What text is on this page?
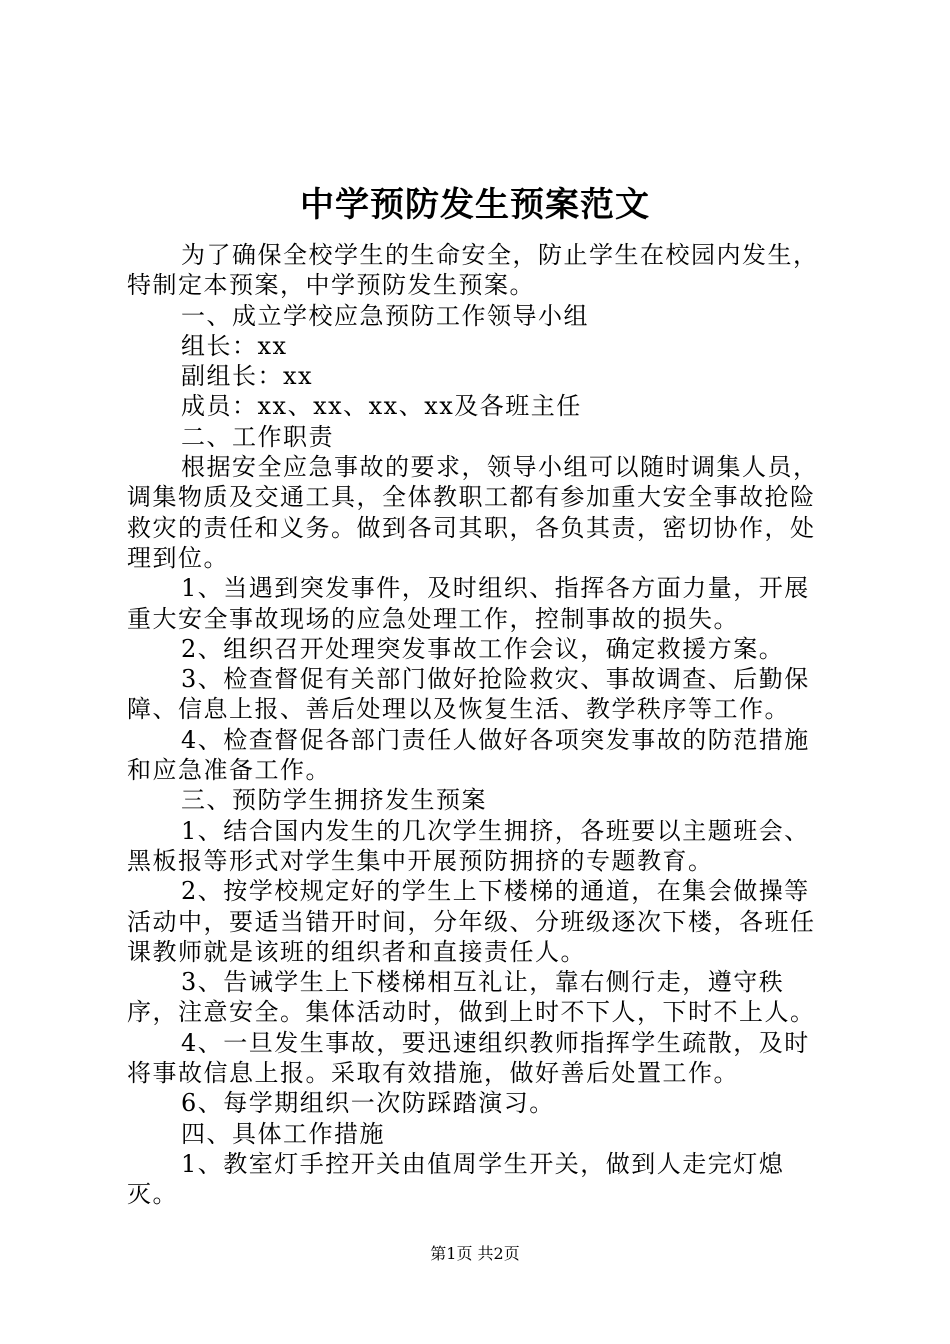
中学预防发生预案范文

为了确保全校学生的生命安全，防止学生在校园内发生，特制定本预案，中学预防发生预案。

一、成立学校应急预防工作领导小组

组长：xx

副组长：xx

成员：xx、xx、xx、xx及各班主任

二、工作职责

根据安全应急事故的要求，领导小组可以随时调集人员，调集物质及交通工具，全体教职工都有参加重大安全事故抢险救灾的责任和义务。做到各司其职，各负其责，密切协作，处理到位。

1、当遇到突发事件，及时组织、指挥各方面力量，开展重大安全事故现场的应急处理工作，控制事故的损失。

2、组织召开处理突发事故工作会议，确定救援方案。

3、检查督促有关部门做好抢险救灾、事故调查、后勤保障、信息上报、善后处理以及恢复生活、教学秩序等工作。

4、检查督促各部门责任人做好各项突发事故的防范措施和应急准备工作。

三、预防学生拥挤发生预案

1、结合国内发生的几次学生拥挤，各班要以主题班会、黑板报等形式对学生集中开展预防拥挤的专题教育。

2、按学校规定好的学生上下楼梯的通道，在集会做操等活动中，要适当错开时间，分年级、分班级逐次下楼，各班任课教师就是该班的组织者和直接责任人。

3、告诫学生上下楼梯相互礼让，靠右侧行走，遵守秩序，注意安全。集体活动时，做到上时不下人，下时不上人。

4、一旦发生事故，要迅速组织教师指挥学生疏散，及时将事故信息上报。采取有效措施，做好善后处置工作。

6、每学期组织一次防踩踏演习。

四、具体工作措施

1、教室灯手控开关由值周学生开关，做到人走完灯熄灭。

第1页 共2页
